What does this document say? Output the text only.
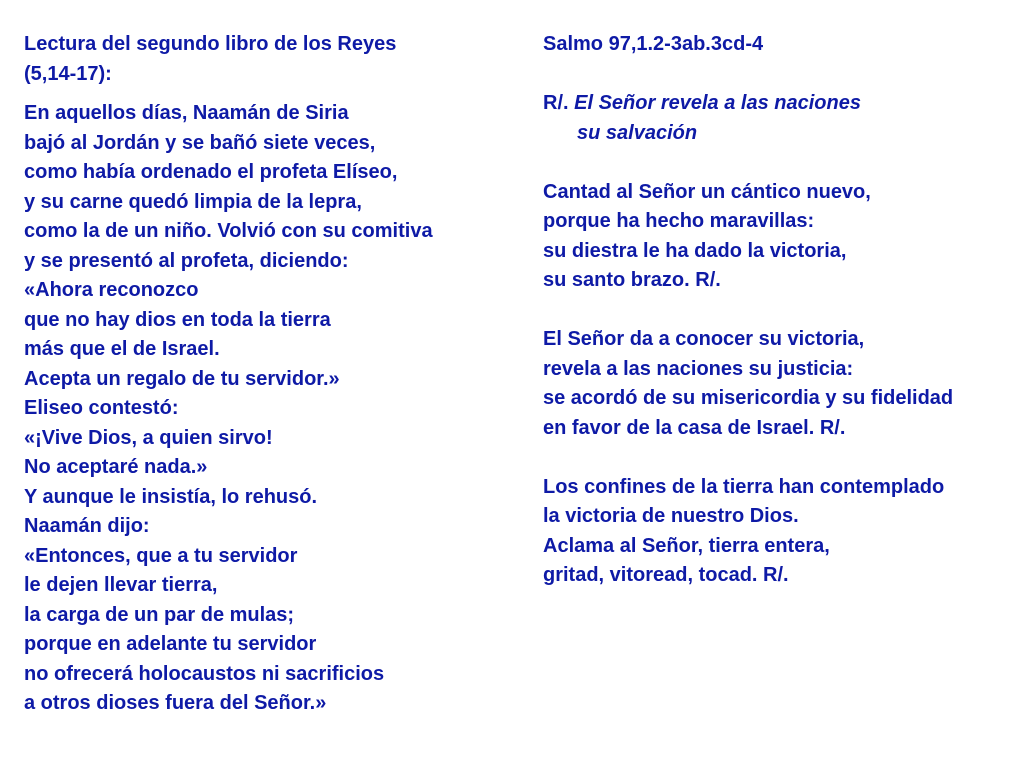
Lectura del segundo libro de los Reyes
(5,14-17):
En aquellos días, Naamán de Siria
bajó al Jordán y se bañó siete veces,
como había ordenado el profeta Elíseo,
y su carne quedó limpia de la lepra,
como la de un niño. Volvió con su comitiva
y se presentó al profeta, diciendo:
«Ahora reconozco
que no hay dios en toda la tierra
más que el de Israel.
Acepta un regalo de tu servidor.»
Eliseo contestó:
«¡Vive Dios, a quien sirvo!
No aceptaré nada.»
Y aunque le insistía, lo rehusó.
Naamán dijo:
«Entonces, que a tu servidor
le dejen llevar tierra,
la carga de un par de mulas;
porque en adelante tu servidor
no ofrecerá holocaustos ni sacrificios
a otros dioses fuera del Señor.»
Salmo 97,1.2-3ab.3cd-4
R/. El Señor revela a las naciones
su salvación
Cantad al Señor un cántico nuevo,
porque ha hecho maravillas:
su diestra le ha dado la victoria,
su santo brazo. R/.
El Señor da a conocer su victoria,
revela a las naciones su justicia:
se acordó de su misericordia y su fidelidad
en favor de la casa de Israel. R/.
Los confines de la tierra han contemplado
la victoria de nuestro Dios.
Aclama al Señor, tierra entera,
gritad, vitoread, tocad. R/.
